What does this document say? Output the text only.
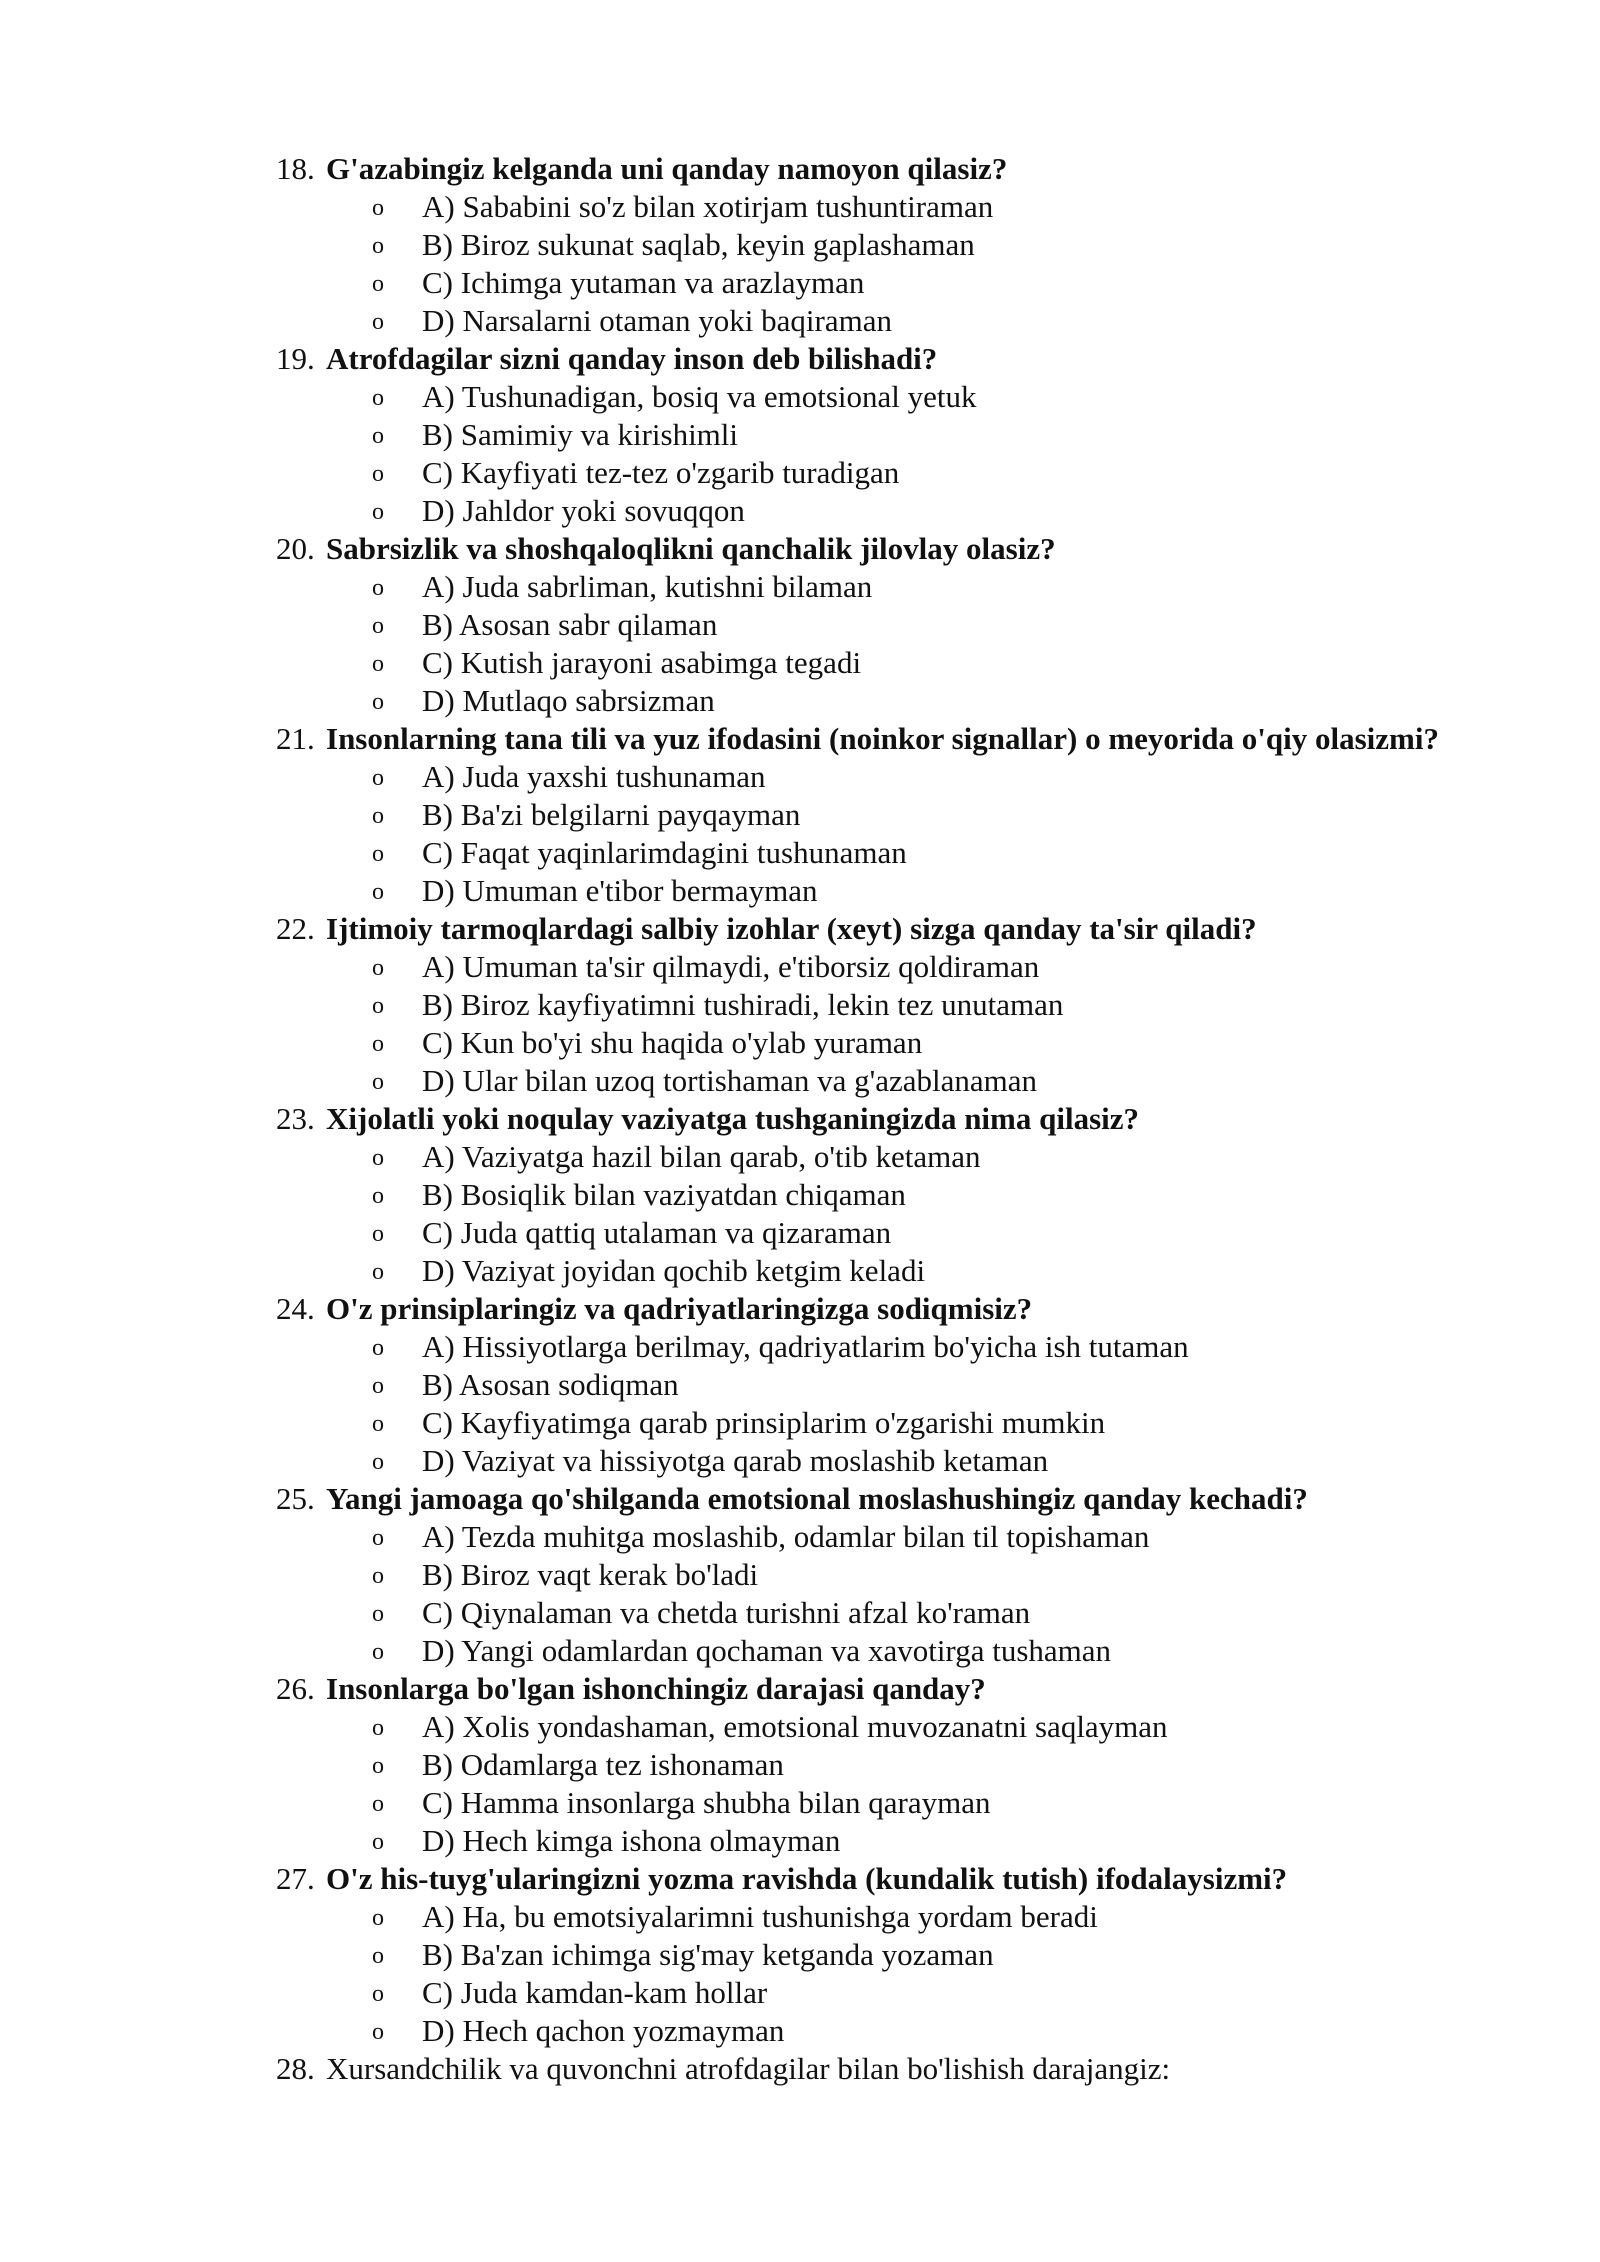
18. G'azabingiz kelganda uni qanday namoyon qilasiz?
o A) Sababini so'z bilan xotirjam tushuntiraman
o B) Biroz sukunat saqlab, keyin gaplashaman
o C) Ichimga yutaman va arazlayman
o D) Narsalarni otaman yoki baqiraman
19. Atrofdagilar sizni qanday inson deb bilishadi?
o A) Tushunadigan, bosiq va emotsional yetuk
o B) Samimiy va kirishimli
o C) Kayfiyati tez-tez o'zgarib turadigan
o D) Jahldor yoki sovuqqon
20. Sabrsizlik va shoshqaloqlikni qanchalik jilovlay olasiz?
o A) Juda sabrliman, kutishni bilaman
o B) Asosan sabr qilaman
o C) Kutish jarayoni asabimga tegadi
o D) Mutlaqo sabrsizman
21. Insonlarning tana tili va yuz ifodasini (noinkor signallar) o meyorida o'qiy olasizmi?
o A) Juda yaxshi tushunaman
o B) Ba'zi belgilarni payqayman
o C) Faqat yaqinlarimdagini tushunaman
o D) Umuman e'tibor bermayman
22. Ijtimoiy tarmoqlardagi salbiy izohlar (xeyt) sizga qanday ta'sir qiladi?
o A) Umuman ta'sir qilmaydi, e'tiborsiz qoldiraman
o B) Biroz kayfiyatimni tushiradi, lekin tez unutaman
o C) Kun bo'yi shu haqida o'ylab yuraman
o D) Ular bilan uzoq tortishaman va g'azablanaman
23. Xijolatli yoki noqulay vaziyatga tushganingizda nima qilasiz?
o A) Vaziyatga hazil bilan qarab, o'tib ketaman
o B) Bosiqlik bilan vaziyatdan chiqaman
o C) Juda qattiq utalaman va qizaraman
o D) Vaziyat joyidan qochib ketgim keladi
24. O'z prinsiplaringiz va qadriyatlaringizga sodiqmisiz?
o A) Hissiyotlarga berilmay, qadriyatlarim bo'yicha ish tutaman
o B) Asosan sodiqman
o C) Kayfiyatimga qarab prinsiplarim o'zgarishi mumkin
o D) Vaziyat va hissiyotga qarab moslashib ketaman
25. Yangi jamoaga qo'shilganda emotsional moslashushingiz qanday kechadi?
o A) Tezda muhitga moslashib, odamlar bilan til topishaman
o B) Biroz vaqt kerak bo'ladi
o C) Qiynalaman va chetda turishni afzal ko'raman
o D) Yangi odamlardan qochaman va xavotirga tushaman
26. Insonlarga bo'lgan ishonchingiz darajasi qanday?
o A) Xolis yondashaman, emotsional muvozanatni saqlayman
o B) Odamlarga tez ishonaman
o C) Hamma insonlarga shubha bilan qarayman
o D) Hech kimga ishona olmayman
27. O'z his-tuyg'ularingizni yozma ravishda (kundalik tutish) ifodalaysizmi?
o A) Ha, bu emotsiyalarimni tushunishga yordam beradi
o B) Ba'zan ichimga sig'may ketganda yozaman
o C) Juda kamdan-kam hollar
o D) Hech qachon yozmayman
28. Xursandchilik va quvonchni atrofdagilar bilan bo'lishish darajangiz:
